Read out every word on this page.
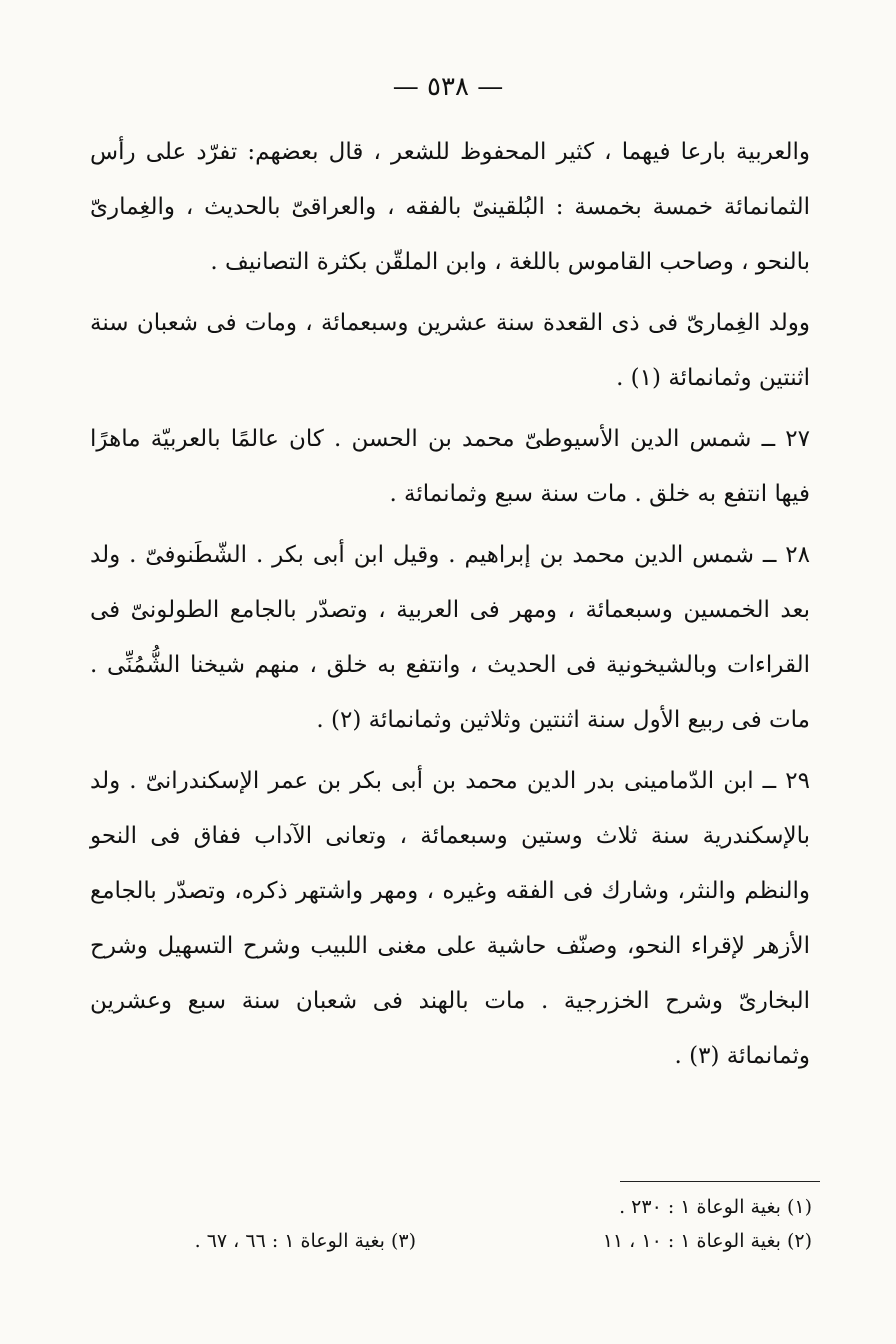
— ٥٣٨ —

والعربية بارعا فيهما ، كثير المحفوظ للشعر ، قال بعضهم: تفرّد على رأس الثمانمائة خمسة بخمسة : البُلقينىّ بالفقه ، والعراقىّ بالحديث ، والغِمارىّ بالنحو ، وصاحب القاموس باللغة ، وابن الملقّن بكثرة التصانيف .

وولد الغِمارىّ فى ذى القعدة سنة عشرين وسبعمائة ، ومات فى شعبان سنة اثنتين وثمانمائة (١) .

٢٧ ــ شمس الدين الأسيوطىّ محمد بن الحسن . كان عالمًا بالعربيّة ماهرًا فيها انتفع به خلق . مات سنة سبع وثمانمائة .

٢٨ ــ شمس الدين محمد بن إبراهيم . وقيل ابن أبى بكر . الشّطَنوفىّ . ولد بعد الخمسين وسبعمائة ، ومهر فى العربية ، وتصدّر بالجامع الطولونىّ فى القراءات وبالشيخونية فى الحديث ، وانتفع به خلق ، منهم شيخنا الشُّمُنِّى . مات فى ربيع الأول سنة اثنتين وثلاثين وثمانمائة (٢) .

٢٩ ــ ابن الدّمامينى بدر الدين محمد بن أبى بكر بن عمر الإسكندرانىّ . ولد بالإسكندرية سنة ثلاث وستين وسبعمائة ، وتعانى الآداب ففاق فى النحو والنظم والنثر، وشارك فى الفقه وغيره ، ومهر واشتهر ذكره، وتصدّر بالجامع الأزهر لإقراء النحو، وصنّف حاشية على مغنى اللبيب وشرح التسهيل وشرح البخارىّ وشرح الخزرجية . مات بالهند فى شعبان سنة سبع وعشرين وثمانمائة (٣) .

(١) بغية الوعاة ١ : ٢٣٠ .
(٢) بغية الوعاة ١ : ١٠ ، ١١
(٣) بغية الوعاة ١ : ٦٦ ، ٦٧ .
